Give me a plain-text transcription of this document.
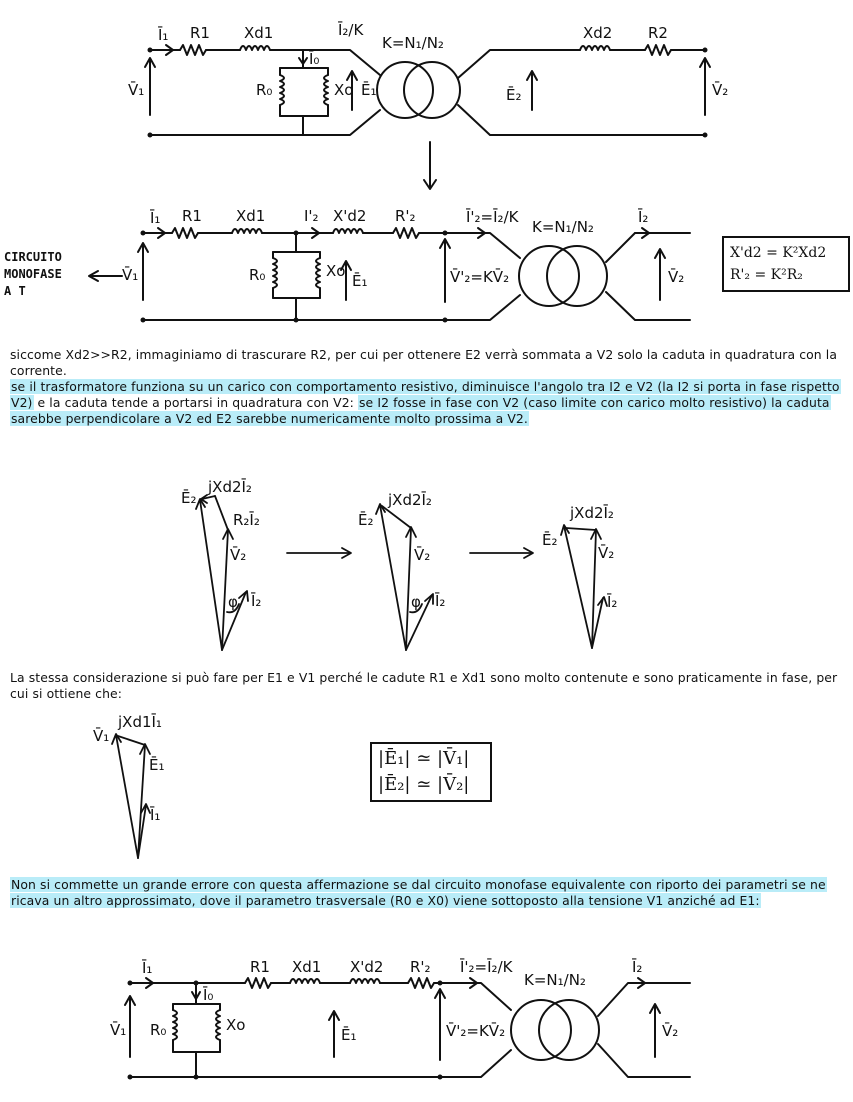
Ī₁ R1 Xd1	Ī₂/K
Ī₀
V̄₁	R₀	Xo Ē₁
K=N₁/N₂
Xd2 R2
Ē₂	V̄₂
Ī₁ R1 Xd1	I'₂ X'd2 R'₂	Ī'₂=Ī₂/K
K=N₁/N₂
Ī₂
V̄₁	R₀	Xo
Ē₁	V̄'₂=KV̄₂	V̄₂
CIRCUITO
MONOFASE
A T
X'd2 = K²Xd2
R'₂ = K²R₂
siccome Xd2>>R2, immaginiamo di trascurare R2, per cui per ottenere E2 verrà sommata a V2 solo la caduta in quadratura con la corrente.
se il trasformatore funziona su un carico con comportamento resistivo, diminuisce l'angolo tra I2 e V2 (la I2 si porta in fase rispetto V2) e la caduta tende a portarsi in quadratura con V2: se I2 fosse in fase con V2 (caso limite con carico molto resistivo) la caduta sarebbe perpendicolare a V2 ed E2 sarebbe numericamente molto prossima a V2.
Ē₂
jXd2Ī₂
R₂Ī₂
V̄₂
φ Ī₂
Ē₂
jXd2Ī₂
V̄₂
φ Ī₂
Ē₂
jXd2Ī₂
V̄₂
Ī₂
La stessa considerazione si può fare per E1 e V1 perché le cadute R1 e Xd1 sono molto contenute e sono praticamente in fase, per cui si ottiene che:
jXd1Ī₁
V̄₁
Ē₁
Ī₁
|Ē₁| ≃ |V̄₁|
|Ē₂| ≃ |V̄₂|
Non si commette un grande errore con questa affermazione se dal circuito monofase equivalente con riporto dei parametri se ne ricava un altro approssimato, dove il parametro trasversale (R0 e X0) viene sottoposto alla tensione V1 anziché ad E1:
Ī₁
Ī₀
R1 Xd1 X'd2 R'₂ Ī'₂=Ī₂/K
K=N₁/N₂
Ī₂
V̄₁ R₀	Xo
Ē₁	V̄'₂=KV̄₂	V̄₂
